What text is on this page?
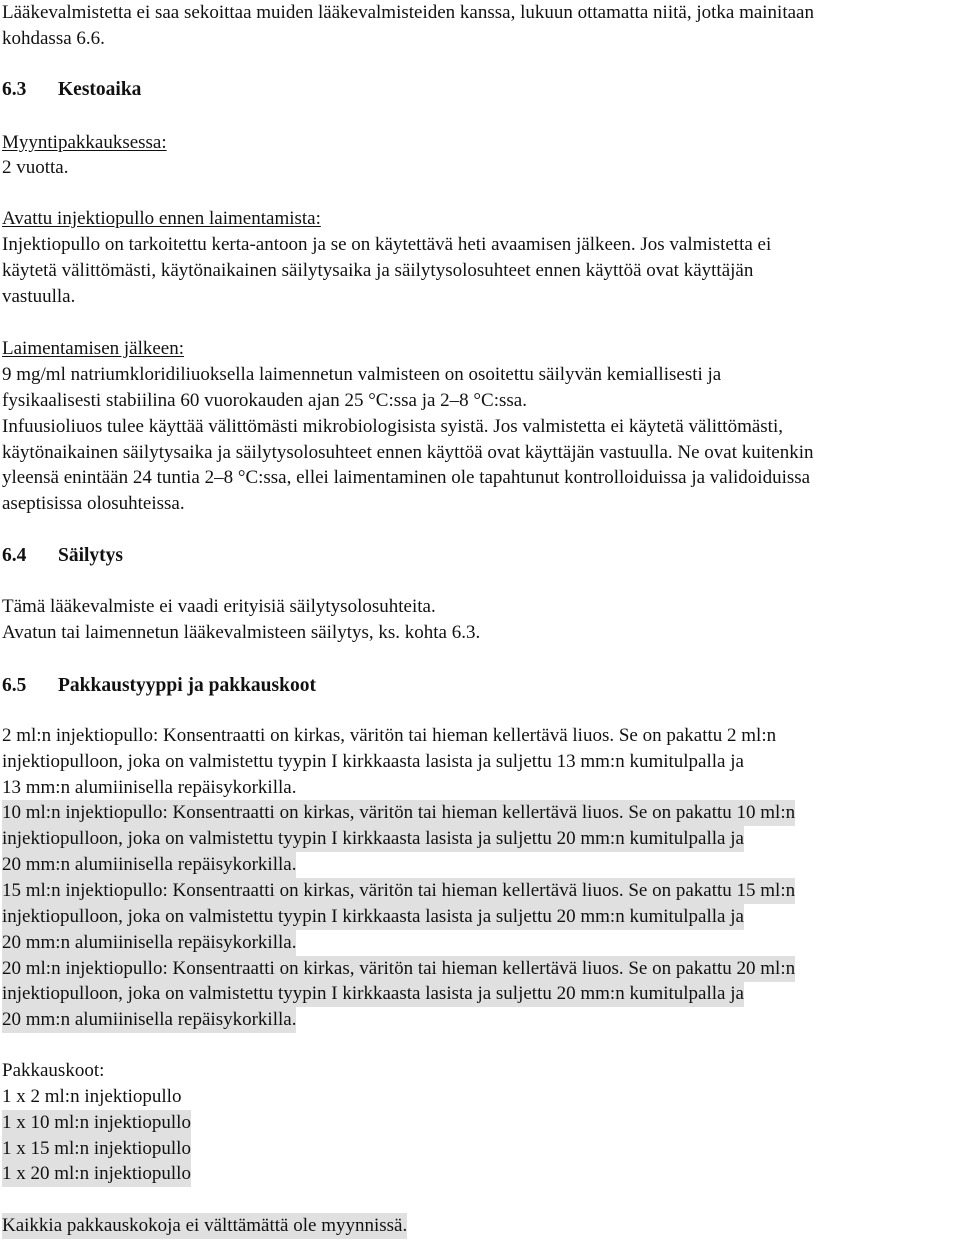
Lääkevalmistetta ei saa sekoittaa muiden lääkevalmisteiden kanssa, lukuun ottamatta niitä, jotka mainitaan
kohdassa 6.6.
6.3 Kestoaika
Myyntipakkauksessa:
2 vuotta.
Avattu injektiopullo ennen laimentamista:
Injektiopullo on tarkoitettu kerta-antoon ja se on käytettävä heti avaamisen jälkeen. Jos valmistetta ei
käytetä välittömästi, käytönaikainen säilytysaika ja säilytysolosuhteet ennen käyttöä ovat käyttäjän
vastuulla.
Laimentamisen jälkeen:
9 mg/ml natriumkloridiliuoksella laimennetun valmisteen on osoitettu säilyvän kemiallisesti ja
fysikaalisesti stabiilina 60 vuorokauden ajan 25 °C:ssa ja 2–8 °C:ssa.
Infuusioliuos tulee käyttää välittömästi mikrobiologisista syistä. Jos valmistetta ei käytetä välittömästi,
käytönaikainen säilytysaika ja säilytysolosuhteet ennen käyttöä ovat käyttäjän vastuulla. Ne ovat kuitenkin
yleensä enintään 24 tuntia 2–8 °C:ssa, ellei laimentaminen ole tapahtunut kontrolloiduissa ja validoiduissa
aseptisissa olosuhteissa.
6.4 Säilytys
Tämä lääkevalmiste ei vaadi erityisiä säilytysolosuhteita.
Avatun tai laimennetun lääkevalmisteen säilytys, ks. kohta 6.3.
6.5 Pakkaustyyppi ja pakkauskoot
2 ml:n injektiopullo: Konsentraatti on kirkas, väritön tai hieman kellertävä liuos. Se on pakattu 2 ml:n
injektiopulloon, joka on valmistettu tyypin I kirkkaasta lasista ja suljettu 13 mm:n kumitulpalla ja
13 mm:n alumiinisella repäisykorkilla.
10 ml:n injektiopullo: Konsentraatti on kirkas, väritön tai hieman kellertävä liuos. Se on pakattu 10 ml:n
injektiopulloon, joka on valmistettu tyypin I kirkkaasta lasista ja suljettu 20 mm:n kumitulpalla ja
20 mm:n alumiinisella repäisykorkilla.
15 ml:n injektiopullo: Konsentraatti on kirkas, väritön tai hieman kellertävä liuos. Se on pakattu 15 ml:n
injektiopulloon, joka on valmistettu tyypin I kirkkaasta lasista ja suljettu 20 mm:n kumitulpalla ja
20 mm:n alumiinisella repäisykorkilla.
20 ml:n injektiopullo: Konsentraatti on kirkas, väritön tai hieman kellertävä liuos. Se on pakattu 20 ml:n
injektiopulloon, joka on valmistettu tyypin I kirkkaasta lasista ja suljettu 20 mm:n kumitulpalla ja
20 mm:n alumiinisella repäisykorkilla.
Pakkauskoot:
1 x 2 ml:n injektiopullo
1 x 10 ml:n injektiopullo
1 x 15 ml:n injektiopullo
1 x 20 ml:n injektiopullo
Kaikkia pakkauskokoja ei välttämättä ole myynnissä.
